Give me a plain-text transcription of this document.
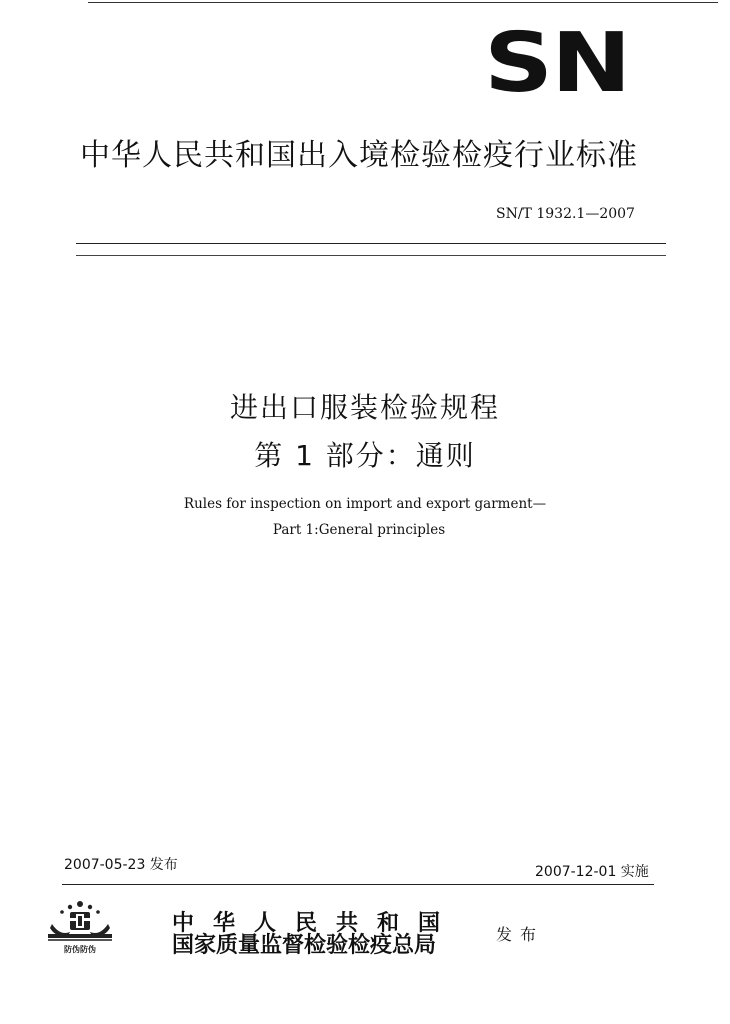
SN
中华人民共和国出入境检验检疫行业标准
SN/T 1932.1—2007
进出口服装检验规程
第 1 部分：通则
Rules for inspection on import and export garment—
Part 1:General principles
2007-05-23 发布	2007-12-01 实施
防伪防伪
中华人民共和国
国家质量监督检验检疫总局	发布
